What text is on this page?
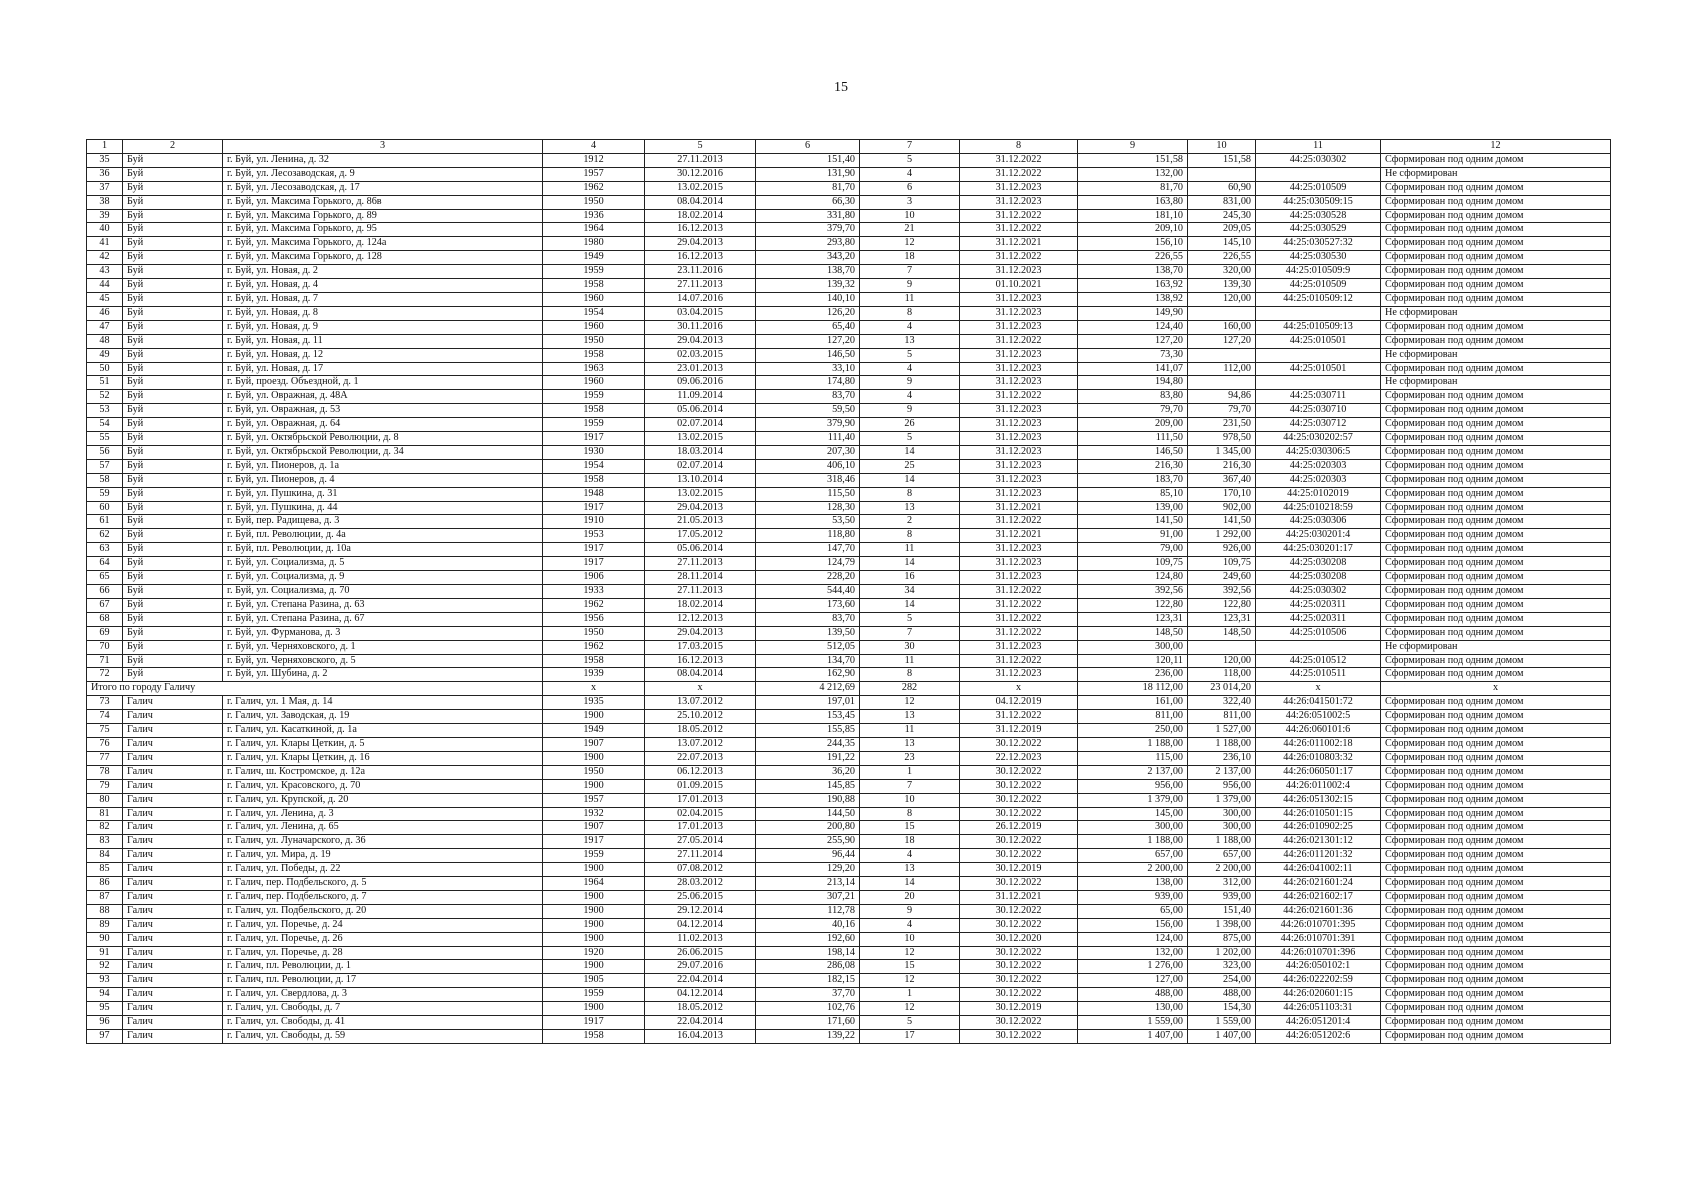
15
1	2	3	4	5	6	7	8	9	10	11	12
35	Буй	г. Буй, ул. Ленина, д. 32	1912	27.11.2013	151,40	5	31.12.2022	151,58	151,58	44:25:030302	Сформирован под одним домом
36	Буй	г. Буй, ул. Лесозаводская, д. 9	1957	30.12.2016	131,90	4	31.12.2022	132,00			Не сформирован
37	Буй	г. Буй, ул. Лесозаводская, д. 17	1962	13.02.2015	81,70	6	31.12.2023	81,70	60,90	44:25:010509	Сформирован под одним домом
38	Буй	г. Буй, ул. Максима Горького, д. 86в	1950	08.04.2014	66,30	3	31.12.2023	163,80	831,00	44:25:030509:15	Сформирован под одним домом
39	Буй	г. Буй, ул. Максима Горького, д. 89	1936	18.02.2014	331,80	10	31.12.2022	181,10	245,30	44:25:030528	Сформирован под одним домом
40	Буй	г. Буй, ул. Максима Горького, д. 95	1964	16.12.2013	379,70	21	31.12.2022	209,10	209,05	44:25:030529	Сформирован под одним домом
41	Буй	г. Буй, ул. Максима Горького, д. 124а	1980	29.04.2013	293,80	12	31.12.2021	156,10	145,10	44:25:030527:32	Сформирован под одним домом
42	Буй	г. Буй, ул. Максима Горького, д. 128	1949	16.12.2013	343,20	18	31.12.2022	226,55	226,55	44:25:030530	Сформирован под одним домом
43	Буй	г. Буй, ул. Новая, д. 2	1959	23.11.2016	138,70	7	31.12.2023	138,70	320,00	44:25:010509:9	Сформирован под одним домом
44	Буй	г. Буй, ул. Новая, д. 4	1958	27.11.2013	139,32	9	01.10.2021	163,92	139,30	44:25:010509	Сформирован под одним домом
45	Буй	г. Буй, ул. Новая, д. 7	1960	14.07.2016	140,10	11	31.12.2023	138,92	120,00	44:25:010509:12	Сформирован под одним домом
46	Буй	г. Буй, ул. Новая, д. 8	1954	03.04.2015	126,20	8	31.12.2023	149,90			Не сформирован
47	Буй	г. Буй, ул. Новая, д. 9	1960	30.11.2016	65,40	4	31.12.2023	124,40	160,00	44:25:010509:13	Сформирован под одним домом
48	Буй	г. Буй, ул. Новая, д. 11	1950	29.04.2013	127,20	13	31.12.2022	127,20	127,20	44:25:010501	Сформирован под одним домом
49	Буй	г. Буй, ул. Новая, д. 12	1958	02.03.2015	146,50	5	31.12.2023	73,30			Не сформирован
50	Буй	г. Буй, ул. Новая, д. 17	1963	23.01.2013	33,10	4	31.12.2023	141,07	112,00	44:25:010501	Сформирован под одним домом
51	Буй	г. Буй, проезд. Объездной, д. 1	1960	09.06.2016	174,80	9	31.12.2023	194,80			Не сформирован
52	Буй	г. Буй, ул. Овражная, д. 48А	1959	11.09.2014	83,70	4	31.12.2022	83,80	94,86	44:25:030711	Сформирован под одним домом
53	Буй	г. Буй, ул. Овражная, д. 53	1958	05.06.2014	59,50	9	31.12.2023	79,70	79,70	44:25:030710	Сформирован под одним домом
54	Буй	г. Буй, ул. Овражная, д. 64	1959	02.07.2014	379,90	26	31.12.2023	209,00	231,50	44:25:030712	Сформирован под одним домом
55	Буй	г. Буй, ул. Октябрьской Революции, д. 8	1917	13.02.2015	111,40	5	31.12.2023	111,50	978,50	44:25:030202:57	Сформирован под одним домом
56	Буй	г. Буй, ул. Октябрьской Революции, д. 34	1930	18.03.2014	207,30	14	31.12.2023	146,50	1 345,00	44:25:030306:5	Сформирован под одним домом
57	Буй	г. Буй, ул. Пионеров, д. 1а	1954	02.07.2014	406,10	25	31.12.2023	216,30	216,30	44:25:020303	Сформирован под одним домом
58	Буй	г. Буй, ул. Пионеров, д. 4	1958	13.10.2014	318,46	14	31.12.2023	183,70	367,40	44:25:020303	Сформирован под одним домом
59	Буй	г. Буй, ул. Пушкина, д. 31	1948	13.02.2015	115,50	8	31.12.2023	85,10	170,10	44:25:0102019	Сформирован под одним домом
60	Буй	г. Буй, ул. Пушкина, д. 44	1917	29.04.2013	128,30	13	31.12.2021	139,00	902,00	44:25:010218:59	Сформирован под одним домом
61	Буй	г. Буй, пер. Радищева, д. 3	1910	21.05.2013	53,50	2	31.12.2022	141,50	141,50	44:25:030306	Сформирован под одним домом
62	Буй	г. Буй, пл. Революции, д. 4а	1953	17.05.2012	118,80	8	31.12.2021	91,00	1 292,00	44:25:030201:4	Сформирован под одним домом
63	Буй	г. Буй, пл. Революции, д. 10а	1917	05.06.2014	147,70	11	31.12.2023	79,00	926,00	44:25:030201:17	Сформирован под одним домом
64	Буй	г. Буй, ул. Социализма, д. 5	1917	27.11.2013	124,79	14	31.12.2023	109,75	109,75	44:25:030208	Сформирован под одним домом
65	Буй	г. Буй, ул. Социализма, д. 9	1906	28.11.2014	228,20	16	31.12.2023	124,80	249,60	44:25:030208	Сформирован под одним домом
66	Буй	г. Буй, ул. Социализма, д. 70	1933	27.11.2013	544,40	34	31.12.2022	392,56	392,56	44:25:030302	Сформирован под одним домом
67	Буй	г. Буй, ул. Степана Разина, д. 63	1962	18.02.2014	173,60	14	31.12.2022	122,80	122,80	44:25:020311	Сформирован под одним домом
68	Буй	г. Буй, ул. Степана Разина, д. 67	1956	12.12.2013	83,70	5	31.12.2022	123,31	123,31	44:25:020311	Сформирован под одним домом
69	Буй	г. Буй, ул. Фурманова, д. 3	1950	29.04.2013	139,50	7	31.12.2022	148,50	148,50	44:25:010506	Сформирован под одним домом
70	Буй	г. Буй, ул. Черняховского, д. 1	1962	17.03.2015	512,05	30	31.12.2023	300,00			Не сформирован
71	Буй	г. Буй, ул. Черняховского, д. 5	1958	16.12.2013	134,70	11	31.12.2022	120,11	120,00	44:25:010512	Сформирован под одним домом
72	Буй	г. Буй, ул. Шубина, д. 2	1939	08.04.2014	162,90	8	31.12.2023	236,00	118,00	44:25:010511	Сформирован под одним домом
Итого по городу Галичу			x	x	4 212,69	282	x	18 112,00	23 014,20	x	x
73	Галич	г. Галич, ул. 1 Мая, д. 14	1935	13.07.2012	197,01	12	04.12.2019	161,00	322,40	44:26:041501:72	Сформирован под одним домом
74	Галич	г. Галич, ул. Заводская, д. 19	1900	25.10.2012	153,45	13	31.12.2022	811,00	811,00	44:26:051002:5	Сформирован под одним домом
75	Галич	г. Галич, ул. Касаткиной, д. 1а	1949	18.05.2012	155,85	11	31.12.2019	250,00	1 527,00	44:26:060101:6	Сформирован под одним домом
76	Галич	г. Галич, ул. Клары Цеткин, д. 5	1907	13.07.2012	244,35	13	30.12.2022	1 188,00	1 188,00	44:26:011002:18	Сформирован под одним домом
77	Галич	г. Галич, ул. Клары Цеткин, д. 16	1900	22.07.2013	191,22	23	22.12.2023	115,00	236,10	44:26:010803:32	Сформирован под одним домом
78	Галич	г. Галич, ш. Костромское, д. 12а	1950	06.12.2013	36,20	1	30.12.2022	2 137,00	2 137,00	44:26:060501:17	Сформирован под одним домом
79	Галич	г. Галич, ул. Красовского, д. 70	1900	01.09.2015	145,85	7	30.12.2022	956,00	956,00	44:26:011002:4	Сформирован под одним домом
80	Галич	г. Галич, ул. Крупской, д. 20	1957	17.01.2013	190,88	10	30.12.2022	1 379,00	1 379,00	44:26:051302:15	Сформирован под одним домом
81	Галич	г. Галич, ул. Ленина, д. 3	1932	02.04.2015	144,50	8	30.12.2022	145,00	300,00	44:26:010501:15	Сформирован под одним домом
82	Галич	г. Галич, ул. Ленина, д. 65	1907	17.01.2013	200,80	15	26.12.2019	300,00	300,00	44:26:010902:25	Сформирован под одним домом
83	Галич	г. Галич, ул. Луначарского, д. 36	1917	27.05.2014	255,90	18	30.12.2022	1 188,00	1 188,00	44:26:021301:12	Сформирован под одним домом
84	Галич	г. Галич, ул. Мира, д. 19	1959	27.11.2014	96,44	4	30.12.2022	657,00	657,00	44:26:011201:32	Сформирован под одним домом
85	Галич	г. Галич, ул. Победы, д. 22	1900	07.08.2012	129,20	13	30.12.2019	2 200,00	2 200,00	44:26:041002:11	Сформирован под одним домом
86	Галич	г. Галич, пер. Подбельского, д. 5	1964	28.03.2012	213,14	14	30.12.2022	138,00	312,00	44:26:021601:24	Сформирован под одним домом
87	Галич	г. Галич, пер. Подбельского, д. 7	1900	25.06.2015	307,21	20	31.12.2021	939,00	939,00	44:26:021602:17	Сформирован под одним домом
88	Галич	г. Галич, ул. Подбельского, д. 20	1900	29.12.2014	112,78	9	30.12.2022	65,00	151,40	44:26:021601:36	Сформирован под одним домом
89	Галич	г. Галич, ул. Поречье, д. 24	1900	04.12.2014	40,16	4	30.12.2022	156,00	1 398,00	44:26:010701:395	Сформирован под одним домом
90	Галич	г. Галич, ул. Поречье, д. 26	1900	11.02.2013	192,60	10	30.12.2020	124,00	875,00	44:26:010701:391	Сформирован под одним домом
91	Галич	г. Галич, ул. Поречье, д. 28	1920	26.06.2015	198,14	12	30.12.2022	132,00	1 202,00	44:26:010701:396	Сформирован под одним домом
92	Галич	г. Галич, пл. Революции, д. 1	1900	29.07.2016	286,08	15	30.12.2022	1 276,00	323,00	44:26:050102:1	Сформирован под одним домом
93	Галич	г. Галич, пл. Революции, д. 17	1905	22.04.2014	182,15	12	30.12.2022	127,00	254,00	44:26:022202:59	Сформирован под одним домом
94	Галич	г. Галич, ул. Свердлова, д. 3	1959	04.12.2014	37,70	1	30.12.2022	488,00	488,00	44:26:020601:15	Сформирован под одним домом
95	Галич	г. Галич, ул. Свободы, д. 7	1900	18.05.2012	102,76	12	30.12.2019	130,00	154,30	44:26:051103:31	Сформирован под одним домом
96	Галич	г. Галич, ул. Свободы, д. 41	1917	22.04.2014	171,60	5	30.12.2022	1 559,00	1 559,00	44:26:051201:4	Сформирован под одним домом
97	Галич	г. Галич, ул. Свободы, д. 59	1958	16.04.2013	139,22	17	30.12.2022	1 407,00	1 407,00	44:26:051202:6	Сформирован под одним домом
